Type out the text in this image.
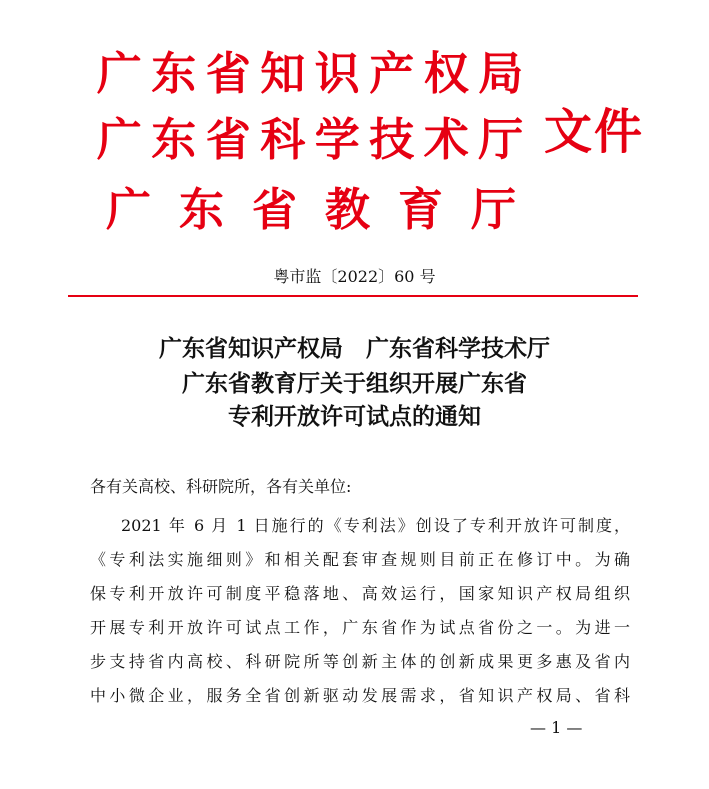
广 东 省 知 识 产 权 局
广 东 省 科 学 技 术 厅
广 东 省 教 育 厅
文件
粤市监〔2022〕60 号
广东省知识产权局　广东省科学技术厅
广东省教育厅关于组织开展广东省
专利开放许可试点的通知
各有关高校、科研院所，各有关单位:
2021 年 6 月 1 日施行的《专利法》创设了专利开放许可制度，
《专利法实施细则》和相关配套审查规则目前正在修订中。为确
保专利开放许可制度平稳落地、高效运行，国家知识产权局组织
开展专利开放许可试点工作，广东省作为试点省份之一。为进一
步支持省内高校、科研院所等创新主体的创新成果更多惠及省内
中小微企业，服务全省创新驱动发展需求，省知识产权局、省科
— 1 —
